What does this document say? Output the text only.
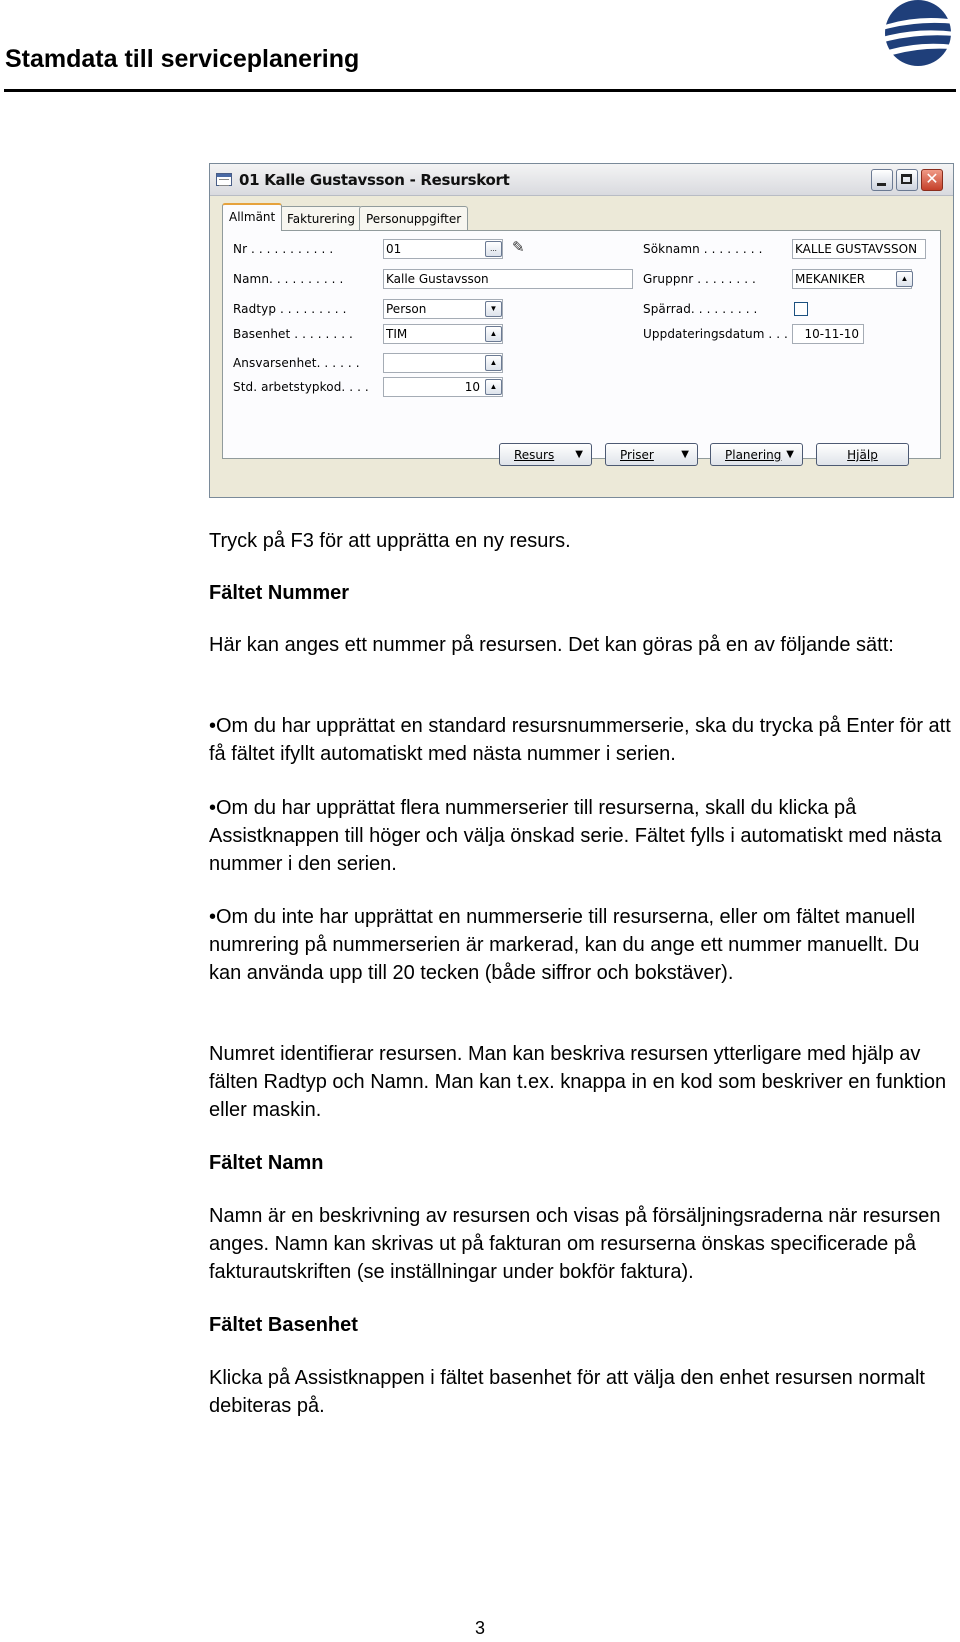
Stamdata till serviceplanering
01 Kalle Gustavsson - Resurskort	✕
Allmänt Fakturering Personuppgifter
Nr . . . . . . . . . . .	01	...	✎
Namn. . . . . . . . . .	Kalle Gustavsson
Radtyp . . . . . . . . .	Person	▼
Basenhet . . . . . . . .	TIM	▲
Ansvarsenhet. . . . . .	▲
Std. arbetstypkod. . . .	10	▲
Söknamn . . . . . . . .	KALLE GUSTAVSSON
Gruppnr . . . . . . . .	MEKANIKER	▲
Spärrad. . . . . . . . .
Uppdateringsdatum . . .	10-11-10
Resurs ▼	Priser	▼	Planering ▼	Hjälp

Tryck på F3 för att upprätta en ny resurs.

Fältet Nummer

Här kan anges ett nummer på resursen. Det kan göras på en av följande sätt:

•Om du har upprättat en standard resursnummerserie, ska du trycka på Enter för att få fältet ifyllt automatiskt med nästa nummer i serien.

•Om du har upprättat flera nummerserier till resurserna, skall du klicka på Assistknappen till höger och välja önskad serie. Fältet fylls i automatiskt med nästa nummer i den serien.

•Om du inte har upprättat en nummerserie till resurserna, eller om fältet manuell numrering på nummerserien är markerad, kan du ange ett nummer manuellt. Du kan använda upp till 20 tecken (både siffror och bokstäver).

Numret identifierar resursen. Man kan beskriva resursen ytterligare med hjälp av fälten Radtyp och Namn. Man kan t.ex. knappa in en kod som beskriver en funktion eller maskin.

Fältet Namn

Namn är en beskrivning av resursen och visas på försäljningsraderna när resursen anges. Namn kan skrivas ut på fakturan om resurserna önskas specificerade på fakturautskriften (se inställningar under bokför faktura).

Fältet Basenhet

Klicka på Assistknappen i fältet basenhet för att välja den enhet resursen normalt debiteras på.

3
